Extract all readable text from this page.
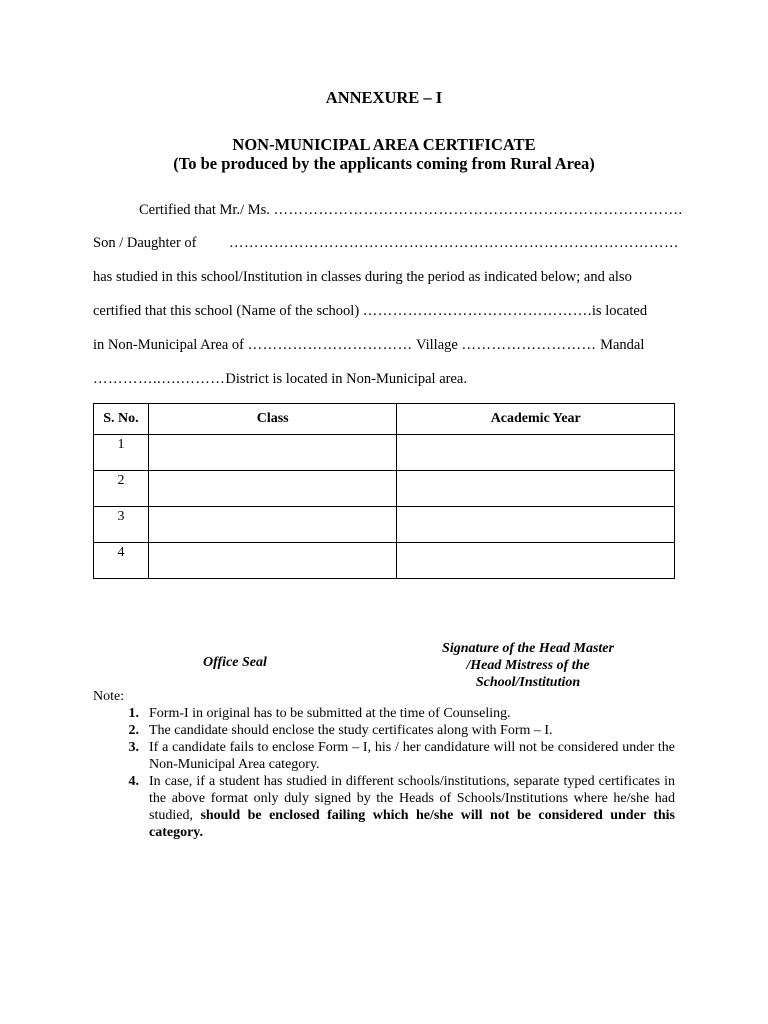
ANNEXURE – I
NON-MUNICIPAL AREA CERTIFICATE
(To be produced by the applicants coming from Rural Area)
Certified that Mr./ Ms. ……………………………………………………………………….
Son / Daughter of ………………………………………………………………………………
has studied in this school/Institution in classes during the period as indicated below; and also
certified that this school (Name of the school) ……………………………………….is located
in Non-Municipal Area of …………………………… Village ……………………… Mandal
…………..….………District is located in Non-Municipal area.
S. No.	Class	Academic Year
1		
2		
3		
4		
Office Seal
Signature of the Head Master
/Head Mistress of the
School/Institution
Note:
1. Form-I in original has to be submitted at the time of Counseling.
2. The candidate should enclose the study certificates along with Form – I.
3. If a candidate fails to enclose Form – I, his / her candidature will not be considered under the Non-Municipal Area category.
4. In case, if a student has studied in different schools/institutions, separate typed certificates in the above format only duly signed by the Heads of Schools/Institutions where he/she had studied, should be enclosed failing which he/she will not be considered under this category.
